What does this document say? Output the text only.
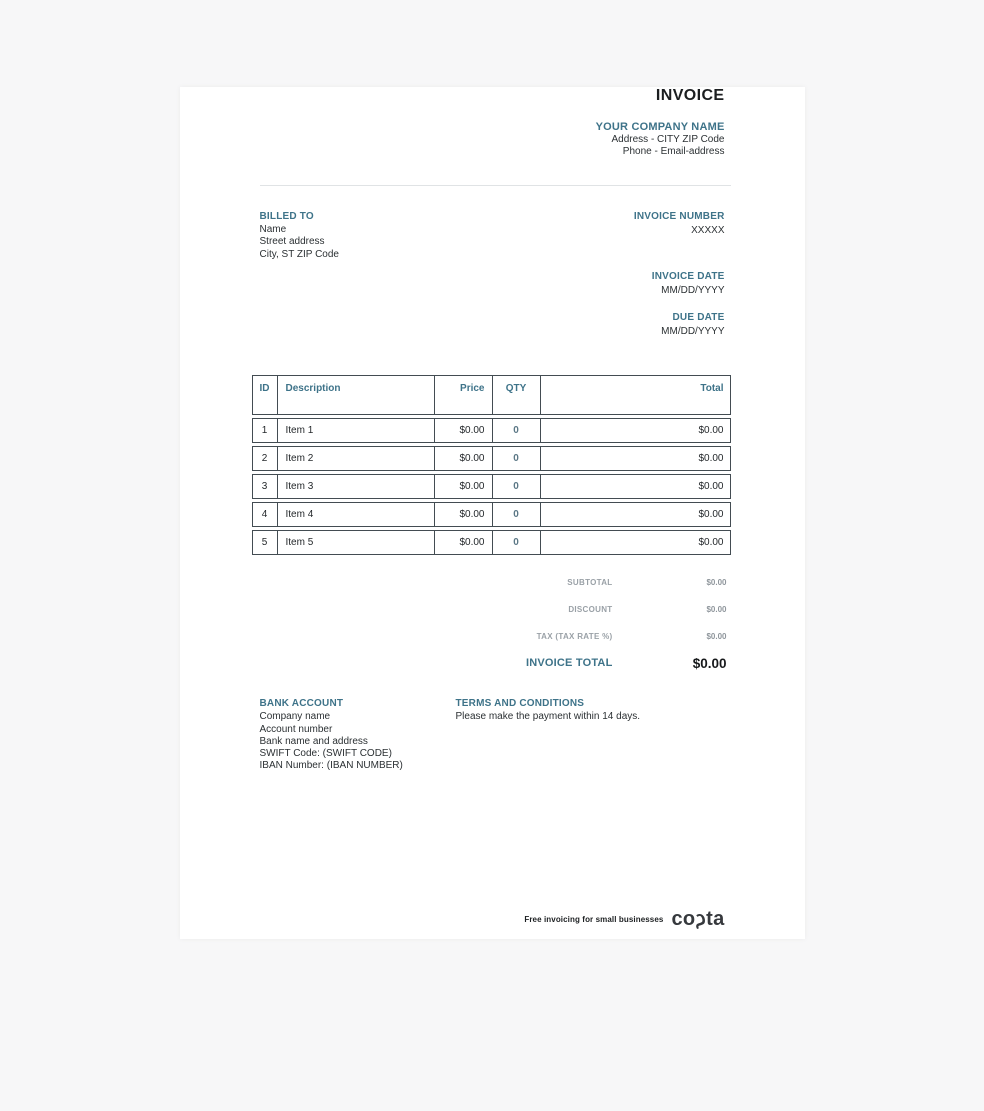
INVOICE
YOUR COMPANY NAME
Address - CITY ZIP Code
Phone - Email-address
BILLED TO
Name
Street address
City, ST ZIP Code
INVOICE NUMBER
XXXXX
INVOICE DATE
MM/DD/YYYY
DUE DATE
MM/DD/YYYY
ID	Description	Price	QTY	Total
1	Item 1	$0.00	0	$0.00
2	Item 2	$0.00	0	$0.00
3	Item 3	$0.00	0	$0.00
4	Item 4	$0.00	0	$0.00
5	Item 5	$0.00	0	$0.00
SUBTOTAL	$0.00
DISCOUNT	$0.00
TAX (TAX RATE %)	$0.00
INVOICE TOTAL	$0.00
BANK ACCOUNT
Company name
Account number
Bank name and address
SWIFT Code: (SWIFT CODE)
IBAN Number: (IBAN NUMBER)
TERMS AND CONDITIONS
Please make the payment within 14 days.
Free invoicing for small businesses coςta
